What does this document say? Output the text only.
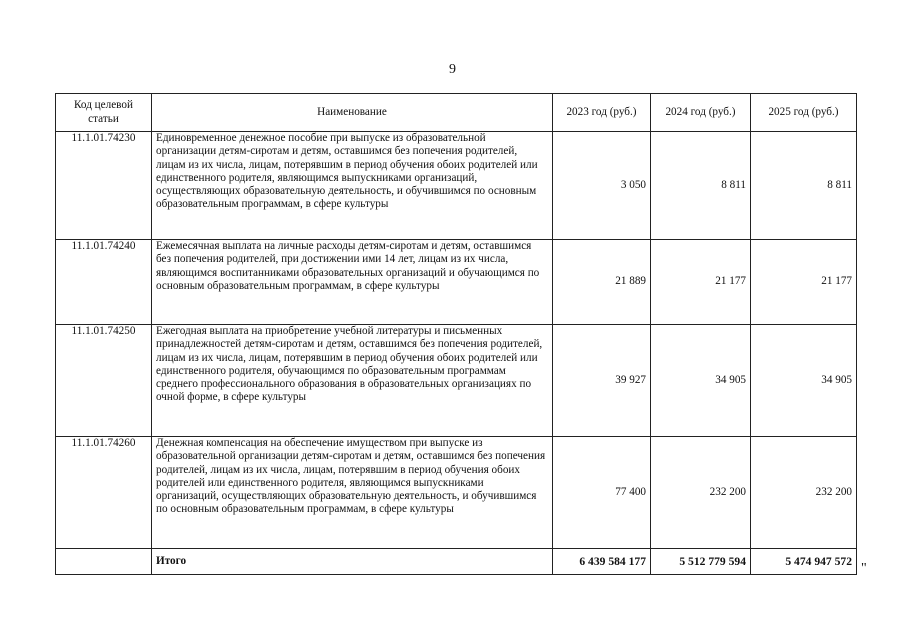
9
Код целевой статьи	Наименование	2023 год (руб.)	2024 год (руб.)	2025 год (руб.)
11.1.01.74230	Единовременное денежное пособие при выпуске из образовательной организации детям-сиротам и детям, оставшимся без попечения родителей, лицам из их числа, лицам, потерявшим в период обучения обоих родителей или единственного родителя, являющимся выпускниками организаций, осуществляющих образовательную деятельность, и обучившимся по основным образовательным программам, в сфере культуры	3 050	8 811	8 811
11.1.01.74240	Ежемесячная выплата на личные расходы детям-сиротам и детям, оставшимся без попечения родителей, при достижении ими 14 лет, лицам из их числа, являющимся воспитанниками образовательных организаций и обучающимся по основным образовательным программам, в сфере культуры	21 889	21 177	21 177
11.1.01.74250	Ежегодная выплата на приобретение учебной литературы и письменных принадлежностей детям-сиротам и детям, оставшимся без попечения родителей, лицам из их числа, лицам, потерявшим в период обучения обоих родителей или единственного родителя, обучающимся по образовательным программам среднего профессионального образования в образовательных организациях по очной форме, в сфере культуры	39 927	34 905	34 905
11.1.01.74260	Денежная компенсация на обеспечение имуществом при выпуске из образовательной организации детям-сиротам и детям, оставшимся без попечения родителей, лицам из их числа, лицам, потерявшим в период обучения обоих родителей или единственного родителя, являющимся выпускниками организаций, осуществляющих образовательную деятельность, и обучившимся по основным образовательным программам, в сфере культуры	77 400	232 200	232 200
	Итого	6 439 584 177	5 512 779 594	5 474 947 572 "
